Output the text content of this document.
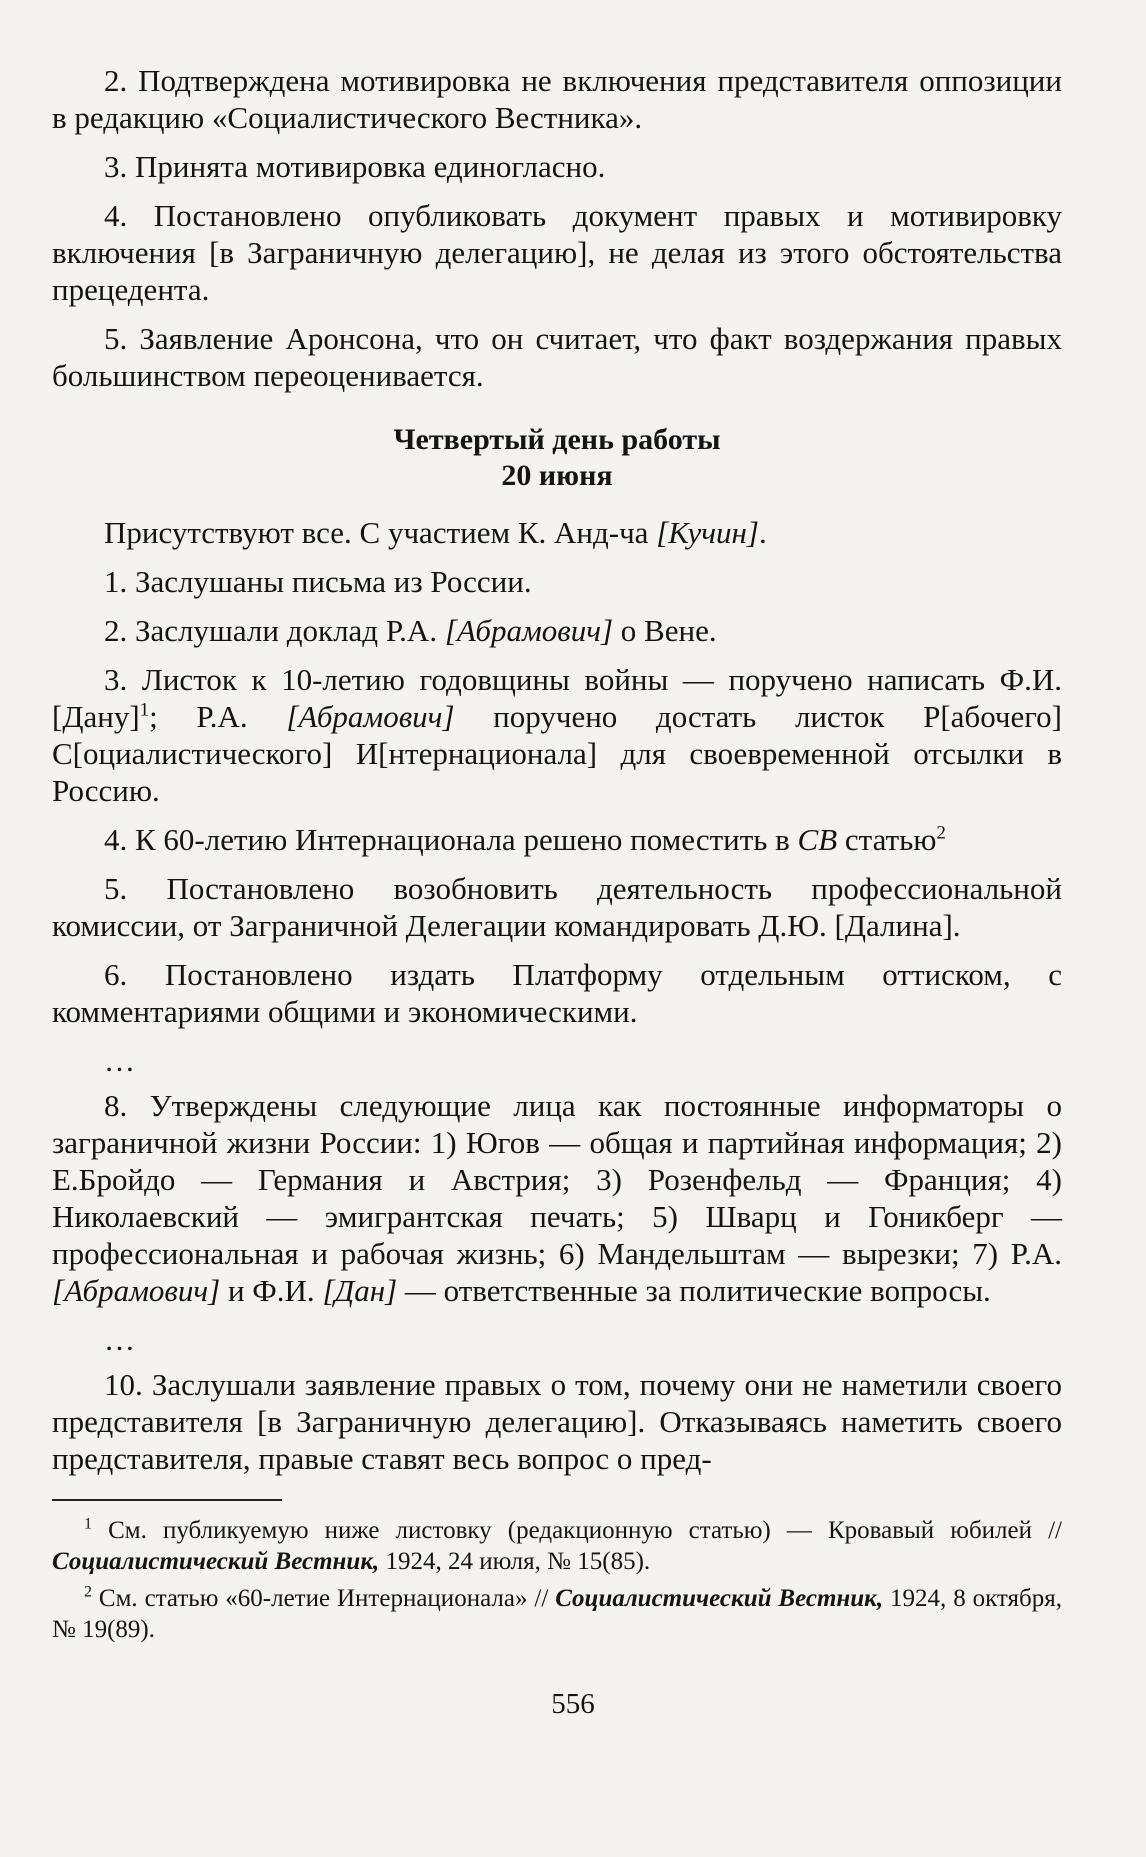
2. Подтверждена мотивировка не включения представителя оппозиции в редакцию «Социалистического Вестника».

3. Принята мотивировка единогласно.

4. Постановлено опубликовать документ правых и мотивировку включения [в Заграничную делегацию], не делая из этого обстоятельства прецедента.

5. Заявление Аронсона, что он считает, что факт воздержания правых большинством переоценивается.

Четвертый день работы

20 июня

Присутствуют все. С участием К. Анд-ча [Кучин].

1. Заслушаны письма из России.

2. Заслушали доклад Р.А. [Абрамович] о Вене.

3. Листок к 10-летию годовщины войны — поручено написать Ф.И. [Дану]$^1$; Р.А. [Абрамович] поручено достать листок Р[абочего] С[оциалистического] И[нтернационала] для своевременной отсылки в Россию.

4. К 60-летию Интернационала решено поместить в СВ статью$^2$

5. Постановлено возобновить деятельность профессиональной комиссии, от Заграничной Делегации командировать Д.Ю. [Далина].

6. Постановлено издать Платформу отдельным оттиском, с комментариями общими и экономическими.

…

8. Утверждены следующие лица как постоянные информаторы о заграничной жизни России: 1) Югов — общая и партийная информация; 2) Е.Бройдо — Германия и Австрия; 3) Розенфельд — Франция; 4) Николаевский — эмигрантская печать; 5) Шварц и Гоникберг — профессиональная и рабочая жизнь; 6) Мандельштам — вырезки; 7) Р.А. [Абрамович] и Ф.И. [Дан] — ответственные за политические вопросы.

…

10. Заслушали заявление правых о том, почему они не наметили своего представителя [в Заграничную делегацию]. Отказываясь наметить своего представителя, правые ставят весь вопрос о пред-

$^1$ См. публикуемую ниже листовку (редакционную статью) — Кровавый юбилей // Социалистический Вестник, 1924, 24 июля, № 15(85).

$^2$ См. статью «60-летие Интернационала» // Социалистический Вестник, 1924, 8 октября, № 19(89).

556
